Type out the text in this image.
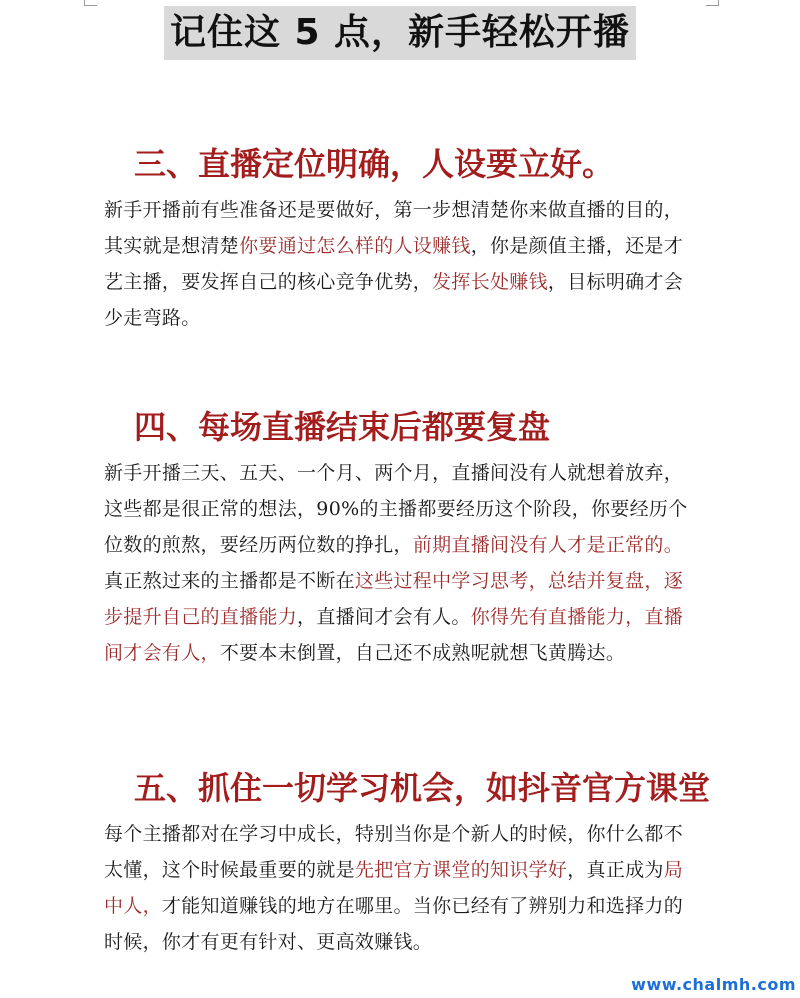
记住这 5 点，新手轻松开播
三、直播定位明确，人设要立好。
新手开播前有些准备还是要做好，第一步想清楚你来做直播的目的，
其实就是想清楚你要通过怎么样的人设赚钱，你是颜值主播，还是才
艺主播，要发挥自己的核心竞争优势，发挥长处赚钱，目标明确才会
少走弯路。
四、每场直播结束后都要复盘
新手开播三天、五天、一个月、两个月，直播间没有人就想着放弃，
这些都是很正常的想法，90%的主播都要经历这个阶段，你要经历个
位数的煎熬，要经历两位数的挣扎，前期直播间没有人才是正常的。
真正熬过来的主播都是不断在这些过程中学习思考，总结并复盘，逐
步提升自己的直播能力，直播间才会有人。你得先有直播能力，直播
间才会有人，不要本末倒置，自己还不成熟呢就想飞黄腾达。
五、抓住一切学习机会，如抖音官方课堂
每个主播都对在学习中成长，特别当你是个新人的时候，你什么都不
太懂，这个时候最重要的就是先把官方课堂的知识学好，真正成为局
中人，才能知道赚钱的地方在哪里。当你已经有了辨别力和选择力的
时候，你才有更有针对、更高效赚钱。
www.chalmh.com
